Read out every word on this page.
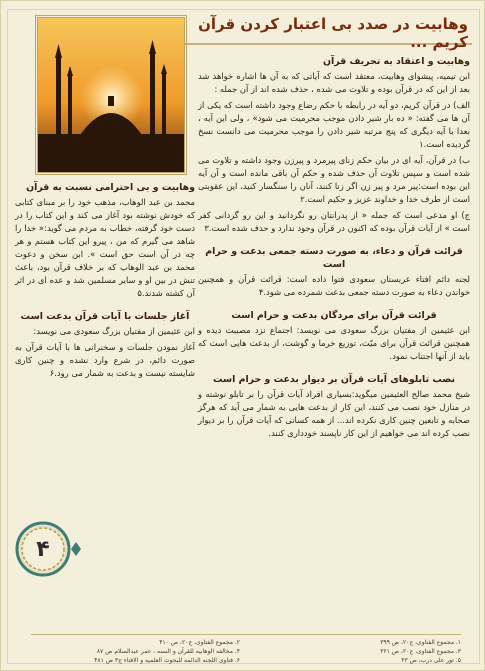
وهابیت در صدد بی اعتبار کردن قرآن کریم ...
وهابیت و اعتقاد به تحریف قرآن

ابن تیمیه، پیشوای وهابیت، معتقد است که آیاتی که به آن ها اشاره خواهد شد بعد از این که در قرآن بوده و تلاوت می شده ، حذف شده اند از آن جمله :

الف) در قرآن کریم، دو آیه در رابطه با حکم رضاع وجود داشته است که یکی از آن ها می گفته: « ده بار شیر دادن موجب محرمیت می شود» ، ولی این آیه ، بعدا با آیه دیگری که پنج مرتبه شیر دادن را موجب محرمیت می دانست نسخ گردیده است.۱

ب) در قرآن، آیه ای در بیان حکم زنای پیرمرد و پیرزن وجود داشته و تلاوت می شده است و سپس تلاوت آن حذف شده و حکم آن باقی مانده است و آن آیه این بوده است:پیر مرد و پیر زن اگر زنا کنند، آنان را سنگسار کنید، این عقوبتی است از طرف خدا و خداوند عزیز و حکیم است.۲

ج) او مدعی است که جمله « از پدرانتان رو نگردانید و این رو گردانی کفر است » از آیات قرآن بوده که اکنون در قرآن وجود ندارد و حذف شده است.۳

قرائت قرآن و دعاء، به صورت دسته جمعی بدعت و حرام است

لجنه دائم افتاء عربستان سعودی فتوا داده است: قرائت قرآن و همچنین خواندن دعاء به صورت دسته جمعی بدعت شمرده می شود.۴

قرائت قرآن برای مردگان بدعت و حرام است

ابن عثیمین از مفتیان بزرگ سعودی می نویسد: اجتماع نزد مصیبت دیده و همچنین قرائت قرآن برای میّت، توزیع خرما و گوشت، از بدعت هایی است که باید از آنها اجتناب نمود.

نصب تابلوهای آیات قرآن بر دیوار بدعت و حرام است

شیخ محمد صالح العثیمین میگوید:بسیاری افراد آیات قرآن را بر تابلو نوشته و در منازل خود نصب می کنند، این کار از بدعت هایی به شمار می آید که هرگز صحابه و تابعین چنین کاری نکرده اند... از همه کسانی که آیات قرآن را بر دیوار نصب کرده اند می خواهیم از این کار ناپسند خودداری کنند.

وهابیت و بی احترامی نسبت به قرآن

محمد بن عبد الوهاب، مذهب خود را بر مبنای کتابی که خودش نوشته بود آغاز می کند و این کتاب را در دست خود گرفته، خطاب به مردم می گوید:« خدا را شاهد می گیرم که من ، پیرو این کتاب هستم و هر چه در آن است حق است ». ابن سخن و دعوت محمد بن عبد الوهاب که بر خلاف قرآن بود، باعث تنش در بین او و سایر مسلمین شد و عده ای در اثر آن کشته شدند.۵

آغاز جلسات با آیات قرآن بدعت است

ابن عثیمین از مفتیان بزرگ سعودی می نویسد:

آغاز نمودن جلسات و سخنرانی ها با آیات قرآن به صورت دائم، در شرع وارد نشده و چنین کاری شایسته نیست و بدعت به شمار می رود.۶

۴
۱. مجموع الفتاوی، ج۲۰، ص ۳۹۹
۲. مجموع الفتاوی، ج۲۰، ص ۴۱۰
۳. مجموع الفتاوی، ج۲۰، ص ۳۶۱
۴. مخالفه الوهابیه للقرآن و السنه ، عمر عبدالسلام ص ۸۷
۵. تور علی درب، ص ۴۳
۶. فتاوی اللجنه الدائمه للبحوث العلمیه و الافتاء ج۳ ص ۴۸۱
